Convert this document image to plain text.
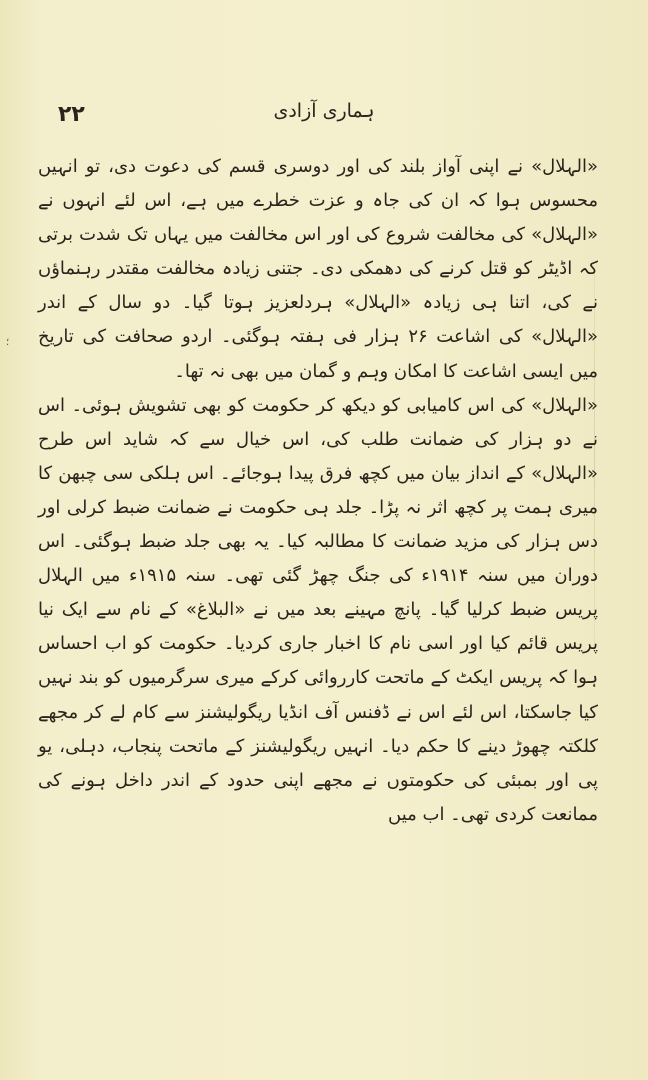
۲۲	ہماری آزادی
؛

«الہلال» نے اپنی آواز بلند کی اور دوسری قسم کی دعوت دی، تو انہیں محسوس ہوا کہ ان کی جاہ و عزت خطرے میں ہے، اس لئے انہوں نے «الہلال» کی مخالفت شروع کی اور اس مخالفت میں یہاں تک شدت برتی کہ اڈیٹر کو قتل کرنے کی دھمکی دی۔ جتنی زیادہ مخالفت مقتدر رہنماؤں نے کی، اتنا ہی زیادہ «الہلال» ہردلعزیز ہوتا گیا۔ دو سال کے اندر «الہلال» کی اشاعت ۲۶ ہزار فی ہفتہ ہوگئی۔ اردو صحافت کی تاریخ میں ایسی اشاعت کا امکان وہم و گمان میں بھی نہ تھا۔

«الہلال» کی اس کامیابی کو دیکھ کر حکومت کو بھی تشویش ہوئی۔ اس نے دو ہزار کی ضمانت طلب کی، اس خیال سے کہ شاید اس طرح «الہلال» کے انداز بیان میں کچھ فرق پیدا ہوجائے۔ اس ہلکی سی چبھن کا میری ہمت پر کچھ اثر نہ پڑا۔ جلد ہی حکومت نے ضمانت ضبط کرلی اور دس ہزار کی مزید ضمانت کا مطالبہ کیا۔ یہ بھی جلد ضبط ہوگئی۔ اس دوران میں سنہ ۱۹۱۴ء کی جنگ چھڑ گئی تھی۔ سنہ ۱۹۱۵ء میں الہلال پریس ضبط کرلیا گیا۔ پانچ مہینے بعد میں نے «البلاغ» کے نام سے ایک نیا پریس قائم کیا اور اسی نام کا اخبار جاری کردیا۔ حکومت کو اب احساس ہوا کہ پریس ایکٹ کے ماتحت کارروائی کرکے میری سرگرمیوں کو بند نہیں کیا جاسکتا، اس لئے اس نے ڈفنس آف انڈیا ریگولیشنز سے کام لے کر مجھے کلکتہ چھوڑ دینے کا حکم دیا۔ انہیں ریگولیشنز کے ماتحت پنجاب، دہلی، یو پی اور بمبئی کی حکومتوں نے مجھے اپنی حدود کے اندر داخل ہونے کی ممانعت کردی تھی۔ اب میں
